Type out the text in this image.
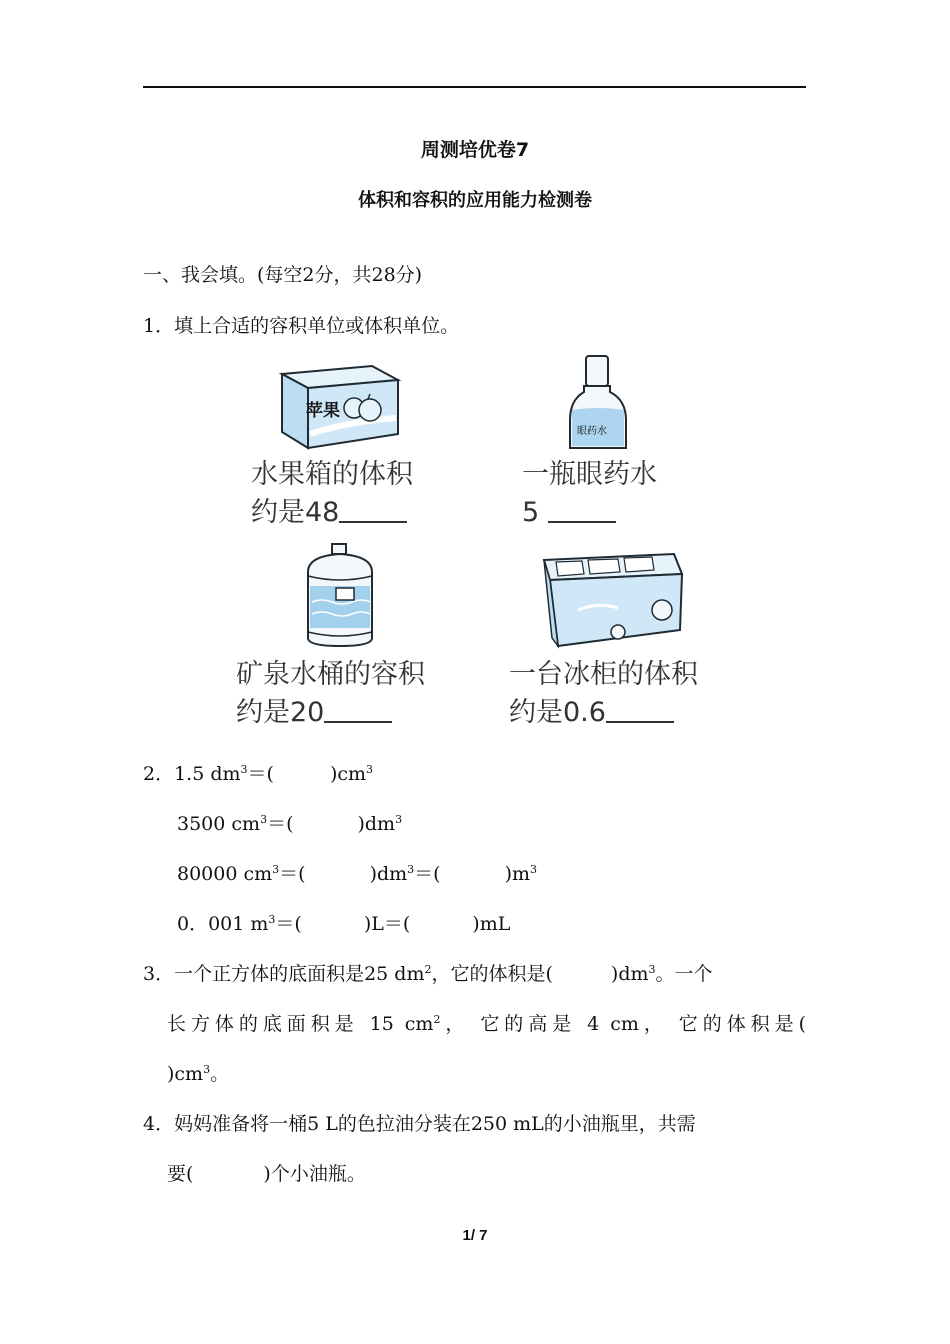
周测培优卷7
体积和容积的应用能力检测卷
一、我会填。(每空2分，共28分)
1．填上合适的容积单位或体积单位。
苹果
眼药水
水果箱的体积
约是48
一瓶眼药水
5
矿泉水桶的容积
约是20
一台冰柜的体积
约是0.6
2．1.5 $dm^3=$(	)$cm^3$
3500 $cm^3=$(	)$dm^3$
80000 $cm^3=$(	)$dm^3=$(	)$m^3$
0．001 $m^3=$(	)L＝(	)mL
3．一个正方体的底面积是25 $dm^2$，它的体积是(	)$dm^3$。一个
长方体的底面积是 15 $cm^2$， 它的高是 4 cm， 它的体积是(
)$cm^3$。
4．妈妈准备将一桶5 L的色拉油分装在250 mL的小油瓶里，共需
要(	)个小油瓶。
1/ 7
